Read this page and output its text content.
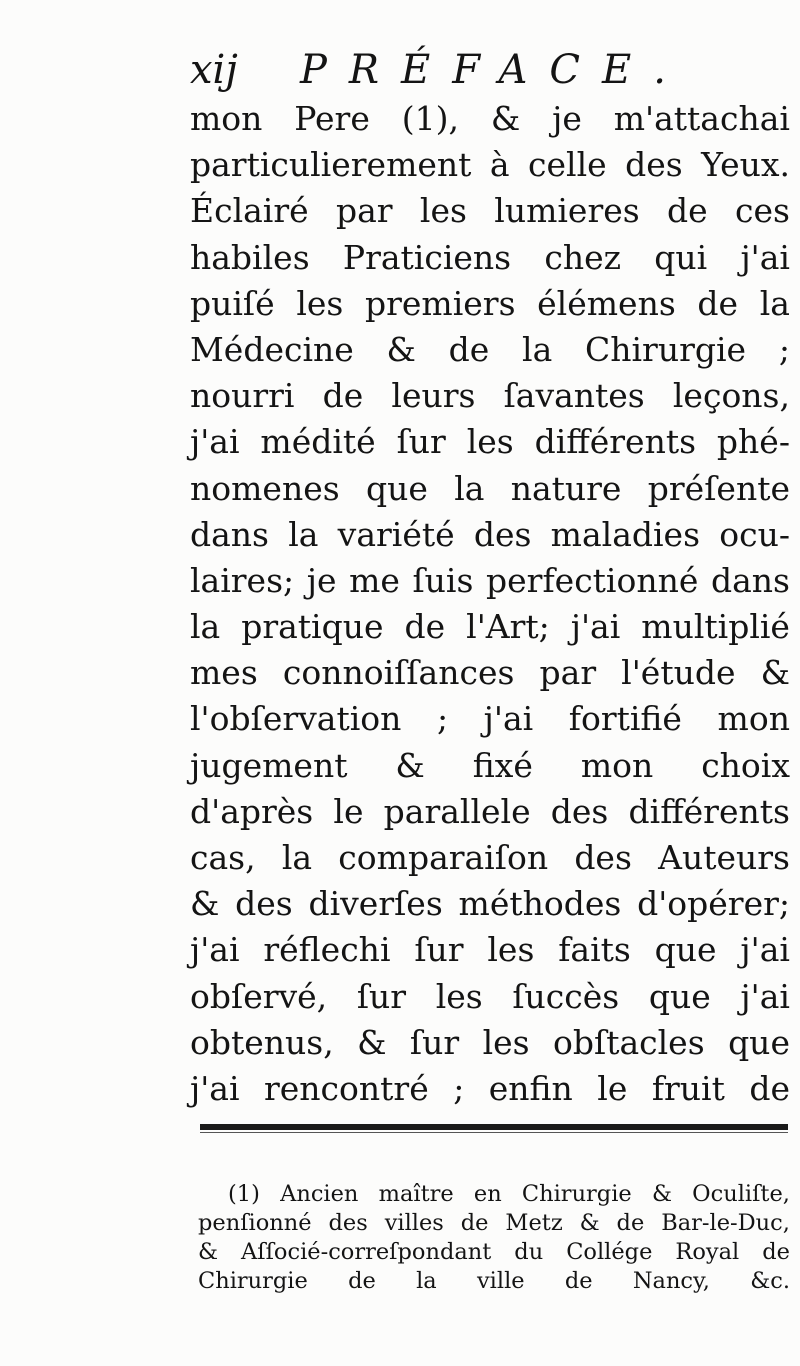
xij PRÉFACE.
mon Pere (1), & je m'attachai
particulierement à celle des Yeux.
Éclairé par les lumieres de ces
habiles Praticiens chez qui j'ai
puiſé les premiers élémens de la
Médecine & de la Chirurgie ;
nourri de leurs ſavantes leçons,
j'ai médité ſur les différents phé-
nomenes que la nature préſente
dans la variété des maladies ocu-
laires; je me ſuis perfectionné dans
la pratique de l'Art; j'ai multiplié
mes connoiſſances par l'étude &
l'obſervation ; j'ai fortifié mon
jugement & fixé mon choix
d'après le parallele des différents
cas, la comparaiſon des Auteurs
& des diverſes méthodes d'opérer;
j'ai réflechi ſur les faits que j'ai
obſervé, ſur les ſuccès que j'ai
obtenus, & ſur les obſtacles que
j'ai rencontré ; enfin le fruit de
(1) Ancien maître en Chirurgie & Oculiſte,
penſionné des villes de Metz & de Bar-le-Duc,
& Aſſocié-correſpondant du Collége Royal de
Chirurgie de la ville de Nancy, &c.
